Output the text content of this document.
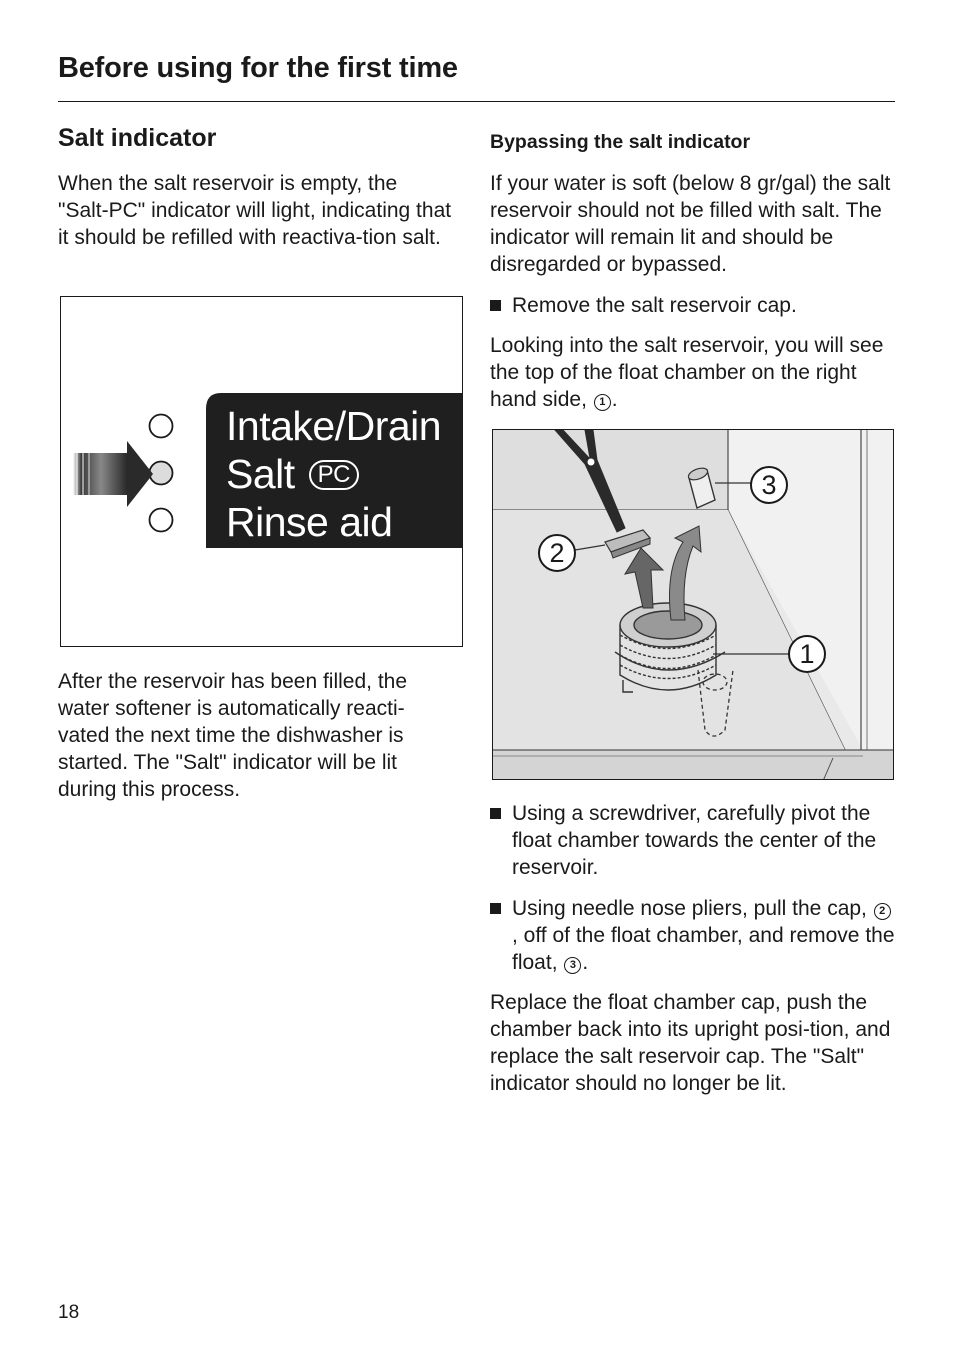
Before using for the first time
Salt indicator

When the salt reservoir is empty, the "Salt-PC" indicator will light, indicating that it should be refilled with reactiva-tion salt.

Intake/Drain
Salt PC
Rinse aid

After the reservoir has been filled, the water softener is automatically reacti-vated the next time the dishwasher is started. The "Salt" indicator will be lit during this process.

Bypassing the salt indicator

If your water is soft (below 8 gr/gal) the salt reservoir should not be filled with salt. The indicator will remain lit and should be disregarded or bypassed.

Remove the salt reservoir cap.

Looking into the salt reservoir, you will see the top of the float chamber on the right hand side, 1 .

1
2
3
Using a screwdriver, carefully pivot the float chamber towards the center of the reservoir.
Using needle nose pliers, pull the cap, 2, off of the float chamber, and remove the float, 3 .

Replace the float chamber cap, push the chamber back into its upright posi-tion, and replace the salt reservoir cap. The "Salt" indicator should no longer be lit.

18
